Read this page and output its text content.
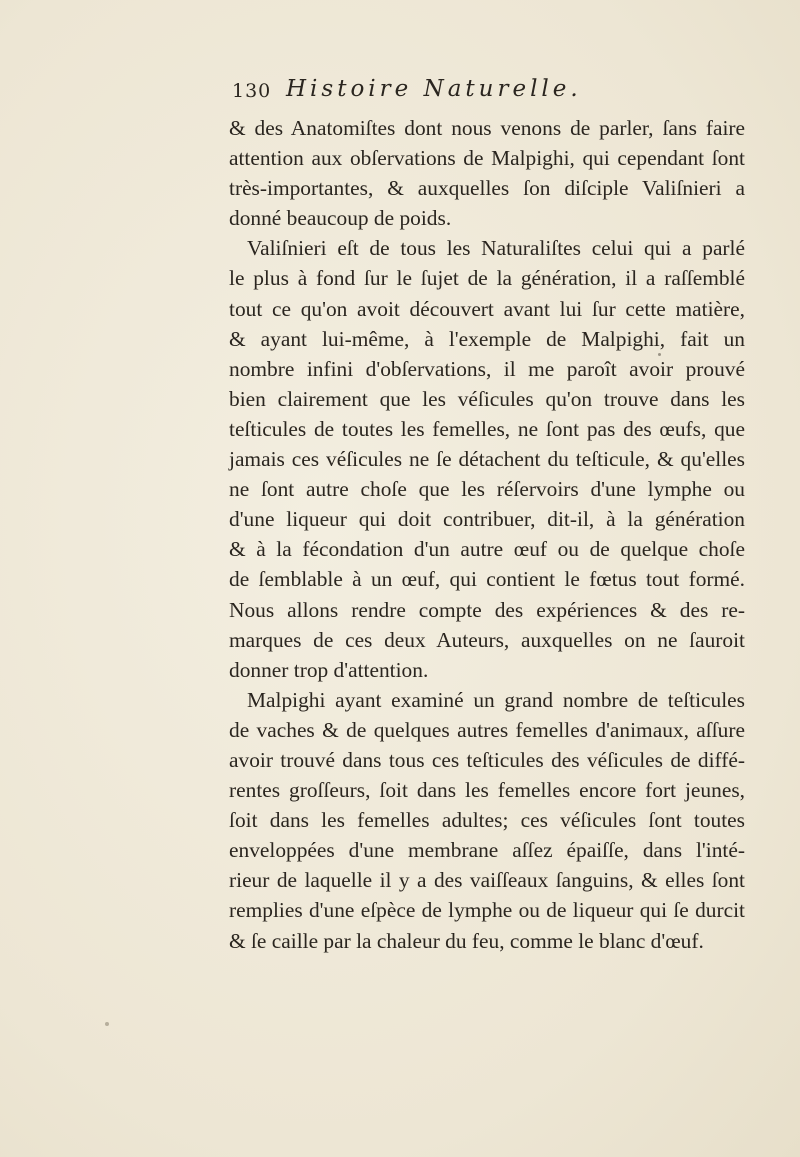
130 Histoire Naturelle.
& des Anatomiſtes dont nous venons de parler, ſans faire
attention aux obſervations de Malpighi, qui cependant ſont
très-importantes, & auxquelles ſon diſciple Valiſnieri a
donné beaucoup de poids.
Valiſnieri eſt de tous les Naturaliſtes celui qui a parlé
le plus à fond ſur le ſujet de la génération, il a raſſemblé
tout ce qu'on avoit découvert avant lui ſur cette matière,
& ayant lui-même, à l'exemple de Malpighi, fait un
nombre infini d'obſervations, il me paroît avoir prouvé
bien clairement que les véſicules qu'on trouve dans les
teſticules de toutes les femelles, ne ſont pas des œufs, que
jamais ces véſicules ne ſe détachent du teſticule, & qu'elles
ne ſont autre choſe que les réſervoirs d'une lymphe ou
d'une liqueur qui doit contribuer, dit-il, à la génération
& à la fécondation d'un autre œuf ou de quelque choſe
de ſemblable à un œuf, qui contient le fœtus tout formé.
Nous allons rendre compte des expériences & des re-
marques de ces deux Auteurs, auxquelles on ne ſauroit
donner trop d'attention.
Malpighi ayant examiné un grand nombre de teſticules
de vaches & de quelques autres femelles d'animaux, aſſure
avoir trouvé dans tous ces teſticules des véſicules de diffé-
rentes groſſeurs, ſoit dans les femelles encore fort jeunes,
ſoit dans les femelles adultes; ces véſicules ſont toutes
enveloppées d'une membrane aſſez épaiſſe, dans l'inté-
rieur de laquelle il y a des vaiſſeaux ſanguins, & elles ſont
remplies d'une eſpèce de lymphe ou de liqueur qui ſe durcit
& ſe caille par la chaleur du feu, comme le blanc d'œuf.
